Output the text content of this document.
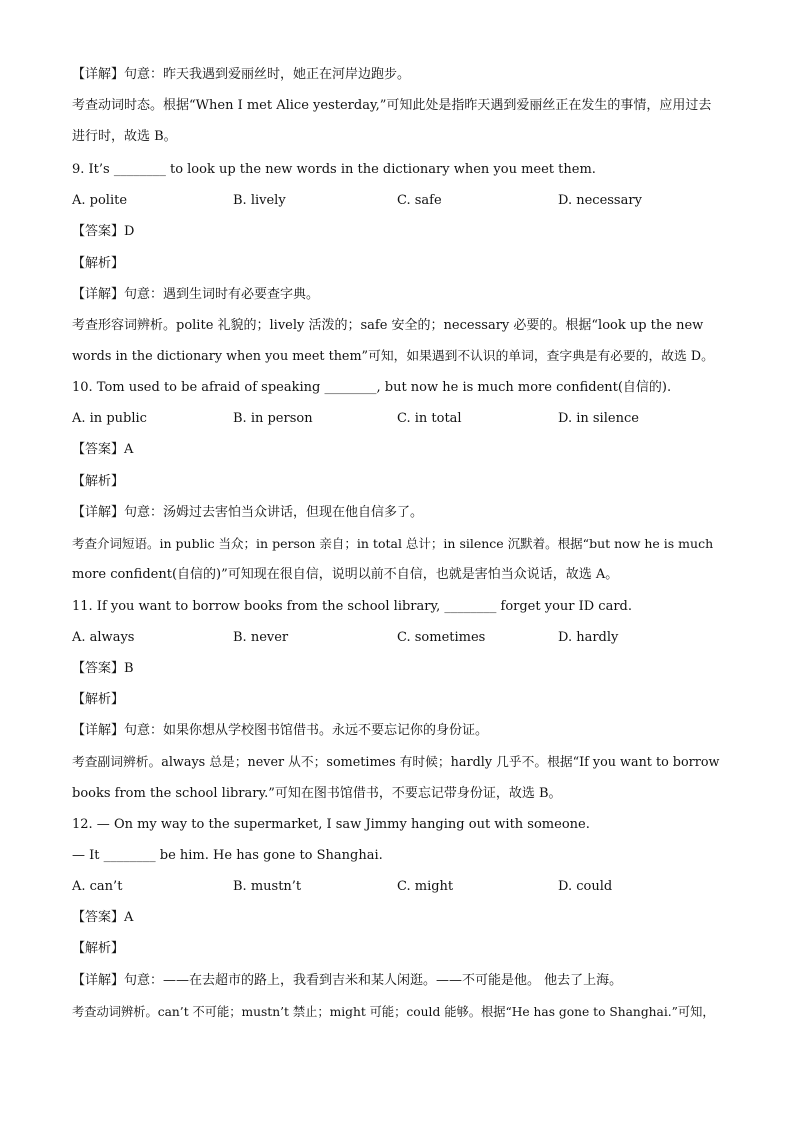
【详解】句意：昨天我遇到爱丽丝时，她正在河岸边跑步。
考查动词时态。根据“When I met Alice yesterday,”可知此处是指昨天遇到爱丽丝正在发生的事情，应用过去
进行时，故选 B。
9. It’s ________ to look up the new words in the dictionary when you meet them.
A. polite	B. lively	C. safe	D. necessary
【答案】D
【解析】
【详解】句意：遇到生词时有必要查字典。
考查形容词辨析。polite 礼貌的；lively 活泼的；safe 安全的；necessary 必要的。根据“look up the new
words in the dictionary when you meet them”可知，如果遇到不认识的单词，查字典是有必要的，故选 D。
10. Tom used to be afraid of speaking ________, but now he is much more confident(自信的).
A. in public	B. in person	C. in total	D. in silence
【答案】A
【解析】
【详解】句意：汤姆过去害怕当众讲话，但现在他自信多了。
考查介词短语。in public 当众；in person 亲自；in total 总计；in silence 沉默着。根据“but now he is much
more confident(自信的)”可知现在很自信，说明以前不自信，也就是害怕当众说话，故选 A。
11. If you want to borrow books from the school library, ________ forget your ID card.
A. always	B. never	C. sometimes	D. hardly
【答案】B
【解析】
【详解】句意：如果你想从学校图书馆借书。永远不要忘记你的身份证。
考查副词辨析。always 总是；never 从不；sometimes 有时候；hardly 几乎不。根据“If you want to borrow
books from the school library.”可知在图书馆借书，不要忘记带身份证，故选 B。
12. — On my way to the supermarket, I saw Jimmy hanging out with someone.
— It ________ be him. He has gone to Shanghai.
A. can’t	B. mustn’t	C. might	D. could
【答案】A
【解析】
【详解】句意：——在去超市的路上，我看到吉米和某人闲逛。——不可能是他。 他去了上海。
考查动词辨析。can’t 不可能；mustn’t 禁止；might 可能；could 能够。根据“He has gone to Shanghai.”可知，
